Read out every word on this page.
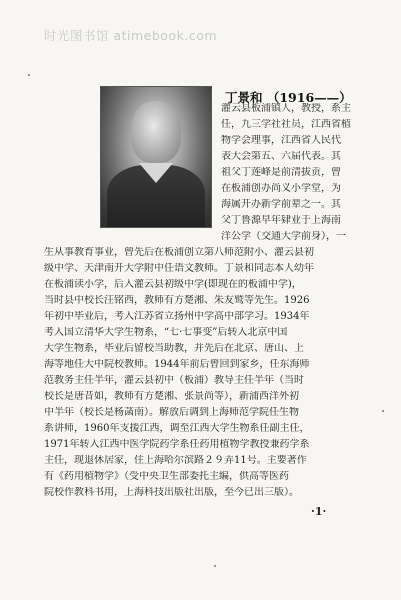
时光图书馆 atimebook.com
丁景和 （1916——）
灌云县板浦镇人，教授，系主
任，九三学社社员，江西省植
物学会理事，江西省人民代
表大会第五、六届代表。其
祖父丁莲峰是前清拔贡，曾
在板浦创办尚义小学堂，为
海属开办新学前辈之一。其
父丁鲁源早年肄业于上海南
洋公学（交通大学前身），一
生从事教育事业，曾先后在板浦创立第八师范附小、灌云县初
级中学、天津南开大学附中任语文教师。丁景和同志本人幼年
在板浦读小学，后入灌云县初级中学(即现在的板浦中学)，
当时县中校长汪铭西，教师有方楚湘、朱友鹫等先生。1926
年初中毕业后，考入江苏省立扬州中学高中部学习。1934年
考入国立清华大学生物系，“七·七事变”后转入北京中国
大学生物系，毕业后留校当助教，并先后在北京、唐山、上
海等地任大中院校教师。1944年前后曾回到家乡，任东海师
范教务主任半年，灌云县初中（板浦）教导主任半年（当时
校长是唐昔如，教师有方楚湘、张景尚等），新浦西洋外初
中半年（校长是杨菡南）。解放后调到上海师范学院任生物
系讲师，1960年支援江西，调至江西大学生物系任副主任，
1971年转入江西中医学院药学系任药用植物学教授兼药学系
主任，现退休居家，住上海哈尔滨路２９弄11号。主要著作
有《药用植物学》（受中央卫生部委托主编，供高等医药
院校作教科书用，上海科技出版社出版，至今已出三版）。
·1·
